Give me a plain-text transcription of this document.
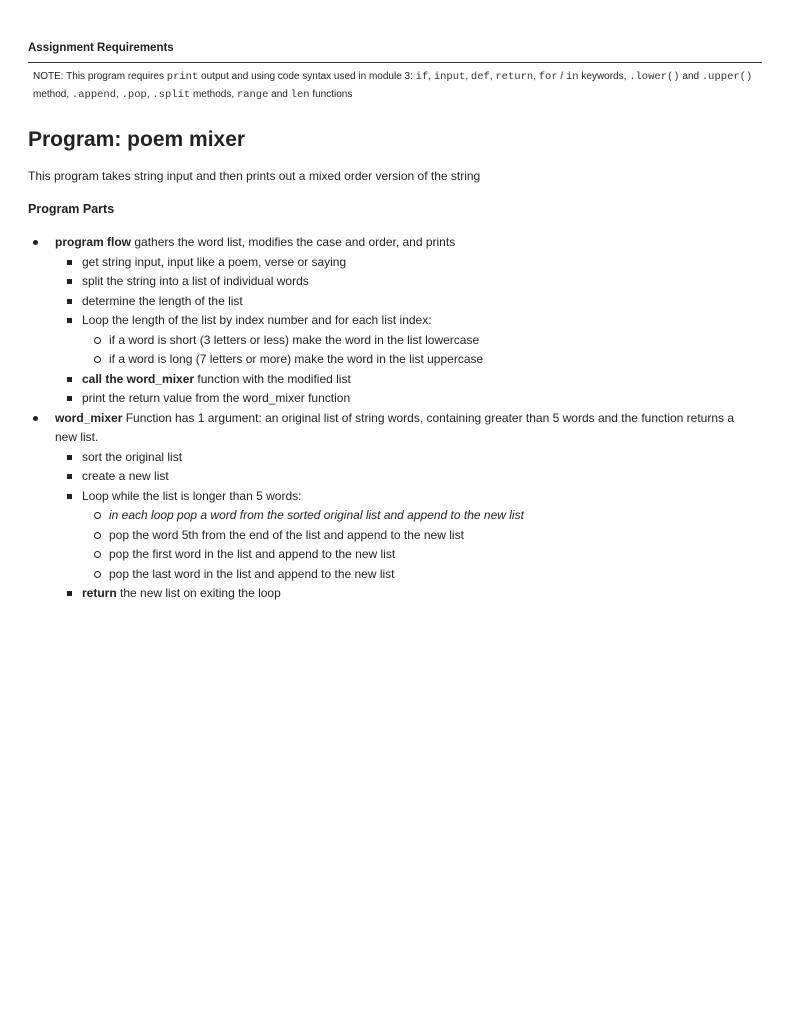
Assignment Requirements
NOTE: This program requires print output and using code syntax used in module 3: if, input, def, return, for / in keywords, .lower() and .upper() method, .append, .pop, .split methods, range and len functions
Program: poem mixer
This program takes string input and then prints out a mixed order version of the string
Program Parts
program flow gathers the word list, modifies the case and order, and prints
get string input, input like a poem, verse or saying
split the string into a list of individual words
determine the length of the list
Loop the length of the list by index number and for each list index:
if a word is short (3 letters or less) make the word in the list lowercase
if a word is long (7 letters or more) make the word in the list uppercase
call the word_mixer function with the modified list
print the return value from the word_mixer function
word_mixer Function has 1 argument: an original list of string words, containing greater than 5 words and the function returns a new list.
sort the original list
create a new list
Loop while the list is longer than 5 words:
in each loop pop a word from the sorted original list and append to the new list
pop the word 5th from the end of the list and append to the new list
pop the first word in the list and append to the new list
pop the last word in the list and append to the new list
return the new list on exiting the loop
